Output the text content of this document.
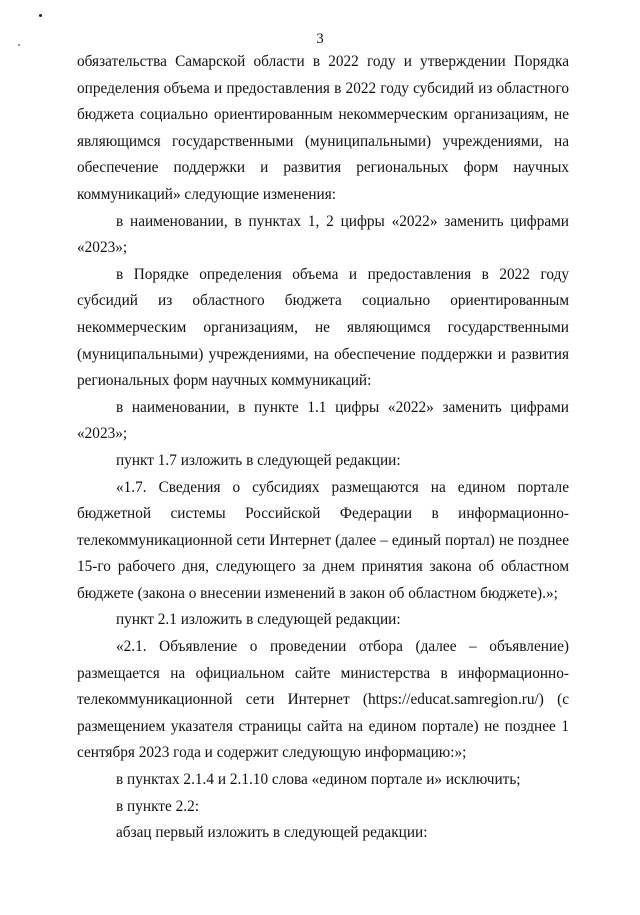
3

обязательства Самарской области в 2022 году и утверждении Порядка определения объема и предоставления в 2022 году субсидий из областного бюджета социально ориентированным некоммерческим организациям, не являющимся государственными (муниципальными) учреждениями, на обеспечение поддержки и развития региональных форм научных коммуникаций» следующие изменения:

в наименовании, в пунктах 1, 2 цифры «2022» заменить цифрами «2023»;

в Порядке определения объема и предоставления в 2022 году субсидий из областного бюджета социально ориентированным некоммерческим организациям, не являющимся государственными (муниципальными) учреждениями, на обеспечение поддержки и развития региональных форм научных коммуникаций:

в наименовании, в пункте 1.1 цифры «2022» заменить цифрами «2023»;

пункт 1.7 изложить в следующей редакции:

«1.7. Сведения о субсидиях размещаются на едином портале бюджетной системы Российской Федерации в информационно-телекоммуникационной сети Интернет (далее – единый портал) не позднее 15-го рабочего дня, следующего за днем принятия закона об областном бюджете (закона о внесении изменений в закон об областном бюджете).»;

пункт 2.1 изложить в следующей редакции:

«2.1. Объявление о проведении отбора (далее – объявление) размещается на официальном сайте министерства в информационно-телекоммуникационной сети Интернет (https://educat.samregion.ru/) (с размещением указателя страницы сайта на едином портале) не позднее 1 сентября 2023 года и содержит следующую информацию:»;

в пунктах 2.1.4 и 2.1.10 слова «едином портале и» исключить;

в пункте 2.2:

абзац первый изложить в следующей редакции:
